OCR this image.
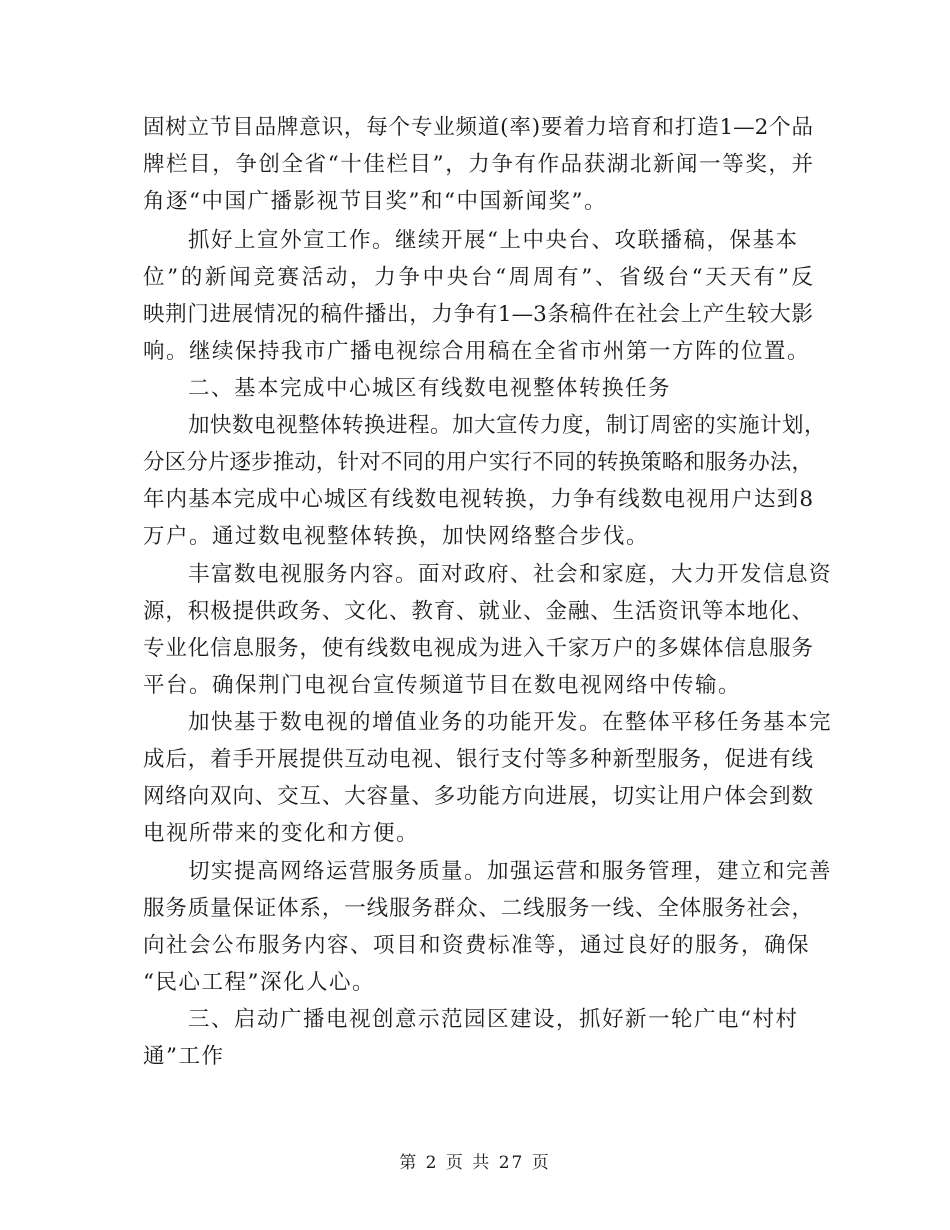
固树立节目品牌意识，每个专业频道(率)要着力培育和打造1—2个品
牌栏目，争创全省“十佳栏目”，力争有作品获湖北新闻一等奖，并
角逐“中国广播影视节目奖”和“中国新闻奖”。
抓好上宣外宣工作。继续开展“上中央台、攻联播稿，保基本
位”的新闻竞赛活动，力争中央台“周周有”、省级台“天天有”反
映荆门进展情况的稿件播出，力争有1—3条稿件在社会上产生较大影
响。继续保持我市广播电视综合用稿在全省市州第一方阵的位置。
二、基本完成中心城区有线数电视整体转换任务
加快数电视整体转换进程。加大宣传力度，制订周密的实施计划，
分区分片逐步推动，针对不同的用户实行不同的转换策略和服务办法，
年内基本完成中心城区有线数电视转换，力争有线数电视用户达到8
万户。通过数电视整体转换，加快网络整合步伐。
丰富数电视服务内容。面对政府、社会和家庭，大力开发信息资
源，积极提供政务、文化、教育、就业、金融、生活资讯等本地化、
专业化信息服务，使有线数电视成为进入千家万户的多媒体信息服务
平台。确保荆门电视台宣传频道节目在数电视网络中传输。
加快基于数电视的增值业务的功能开发。在整体平移任务基本完
成后，着手开展提供互动电视、银行支付等多种新型服务，促进有线
网络向双向、交互、大容量、多功能方向进展，切实让用户体会到数
电视所带来的变化和方便。
切实提高网络运营服务质量。加强运营和服务管理，建立和完善
服务质量保证体系，一线服务群众、二线服务一线、全体服务社会，
向社会公布服务内容、项目和资费标准等，通过良好的服务，确保
“民心工程”深化人心。
三、启动广播电视创意示范园区建设，抓好新一轮广电“村村
通”工作
第 2 页 共 27 页
